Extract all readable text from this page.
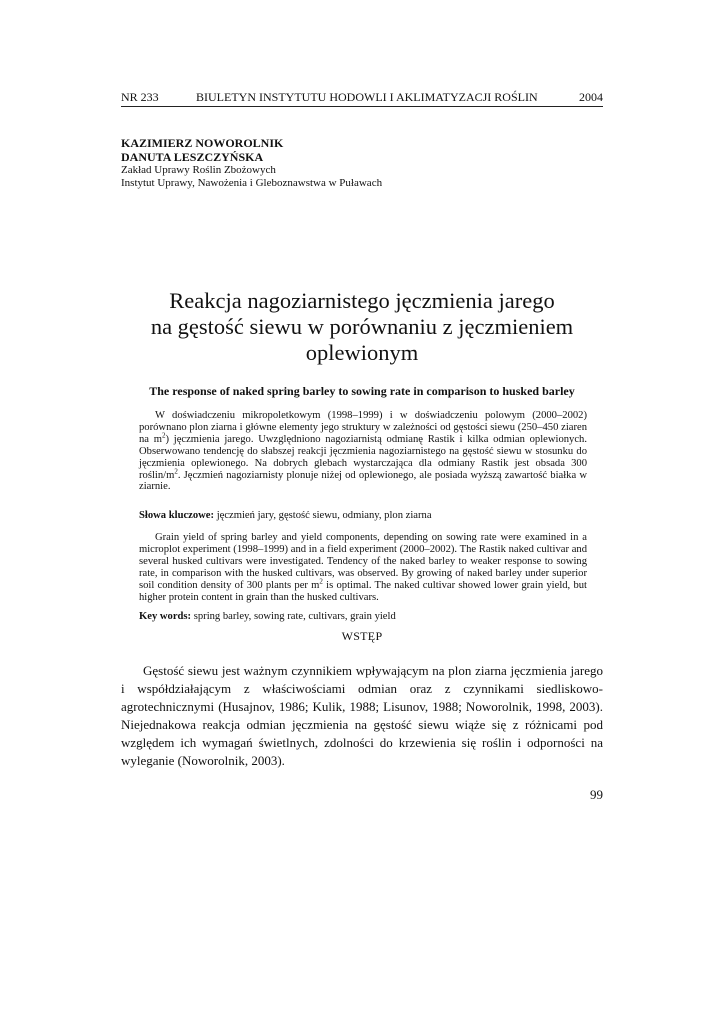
NR 233	BIULETYN INSTYTUTU HODOWLI I AKLIMATYZACJI ROŚLIN	2004
KAZIMIERZ NOWOROLNIK
DANUTA LESZCZYŃSKA
Zakład Uprawy Roślin Zbożowych
Instytut Uprawy, Nawożenia i Gleboznawstwa w Puławach
Reakcja nagoziarnistego jęczmienia jarego
na gęstość siewu w porównaniu z jęczmieniem
oplewionym
The response of naked spring barley to sowing rate in comparison to husked barley
W doświadczeniu mikropoletkowym (1998–1999) i w doświadczeniu polowym (2000–2002) porównano plon ziarna i główne elementy jego struktury w zależności od gęstości siewu (250–450 ziaren na $m^2$) jęczmienia jarego. Uwzględniono nagoziarnistą odmianę Rastik i kilka odmian oplewionych. Obserwowano tendencję do słabszej reakcji jęczmienia nagoziarnistego na gęstość siewu w stosunku do jęczmienia oplewionego. Na dobrych glebach wystarczająca dla odmiany Rastik jest obsada 300 roślin/$m^2$. Jęczmień nagoziarnisty plonuje niżej od oplewionego, ale posiada wyższą zawartość białka w ziarnie.
Słowa kluczowe: jęczmień jary, gęstość siewu, odmiany, plon ziarna
Grain yield of spring barley and yield components, depending on sowing rate were examined in a microplot experiment (1998–1999) and in a field experiment (2000–2002). The Rastik naked cultivar and several husked cultivars were investigated. Tendency of the naked barley to weaker response to sowing rate, in comparison with the husked cultivars, was observed. By growing of naked barley under superior soil condition density of 300 plants per $m^2$ is optimal. The naked cultivar showed lower grain yield, but higher protein content in grain than the husked cultivars.
Key words: spring barley, sowing rate, cultivars, grain yield
WSTĘP
Gęstość siewu jest ważnym czynnikiem wpływającym na plon ziarna jęczmienia jarego i współdziałającym z właściwościami odmian oraz z czynnikami siedliskowo-agrotechnicznymi (Husajnov, 1986; Kulik, 1988; Lisunov, 1988; Noworolnik, 1998, 2003). Niejednakowa reakcja odmian jęczmienia na gęstość siewu wiąże się z różnicami pod względem ich wymagań świetlnych, zdolności do krzewienia się roślin i odporności na wyleganie (Noworolnik, 2003).
99
